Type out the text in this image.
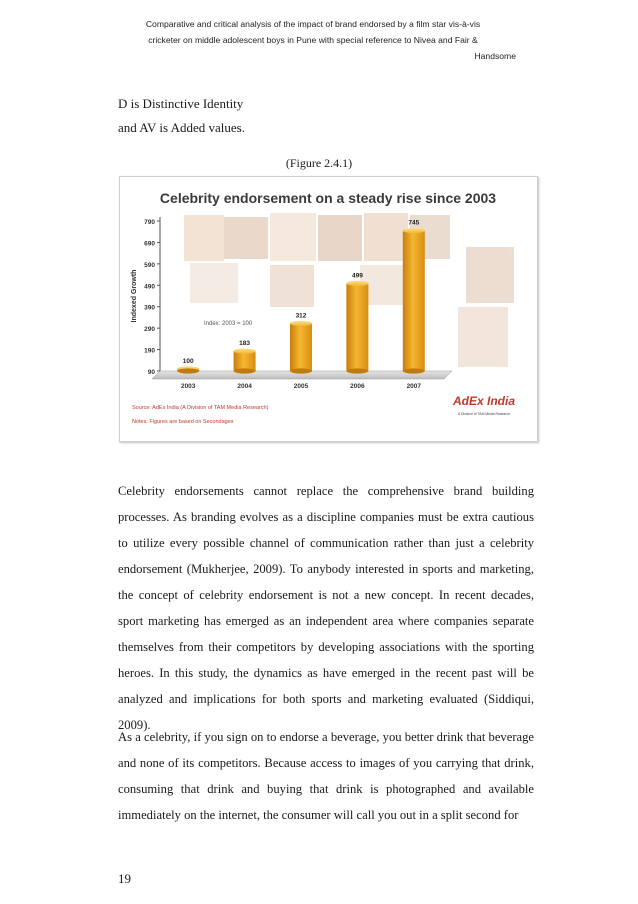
Comparative and critical analysis of the impact of brand endorsed by a film star vis-à-vis
cricketer on middle adolescent boys in Pune with special reference to Nivea and Fair &
Handsome
D is Distinctive Identity
and AV is Added values.
(Figure 2.4.1)
Celebrity endorsement on a steady rise since 2003
790
690
590
490
390
290
190
90
Indexed Growth
Index: 2003 = 100
100
2003
183
2004
312
2005
499
2006
745
2007
Source: AdEx India (A Division of TAM Media Research)
Notes: Figures are based on Secondages
AdEx India
A Division of TAM Media Research

Celebrity endorsements cannot replace the comprehensive brand building processes. As branding evolves as a discipline companies must be extra cautious to utilize every possible channel of communication rather than just a celebrity endorsement (Mukherjee, 2009). To anybody interested in sports and marketing, the concept of celebrity endorsement is not a new concept. In recent decades, sport marketing has emerged as an independent area where companies separate themselves from their competitors by developing associations with the sporting heroes. In this study, the dynamics as have emerged in the recent past will be analyzed and implications for both sports and marketing evaluated (Siddiqui, 2009).

As a celebrity, if you sign on to endorse a beverage, you better drink that beverage and none of its competitors. Because access to images of you carrying that drink, consuming that drink and buying that drink is photographed and available immediately on the internet, the consumer will call you out in a split second for

19
